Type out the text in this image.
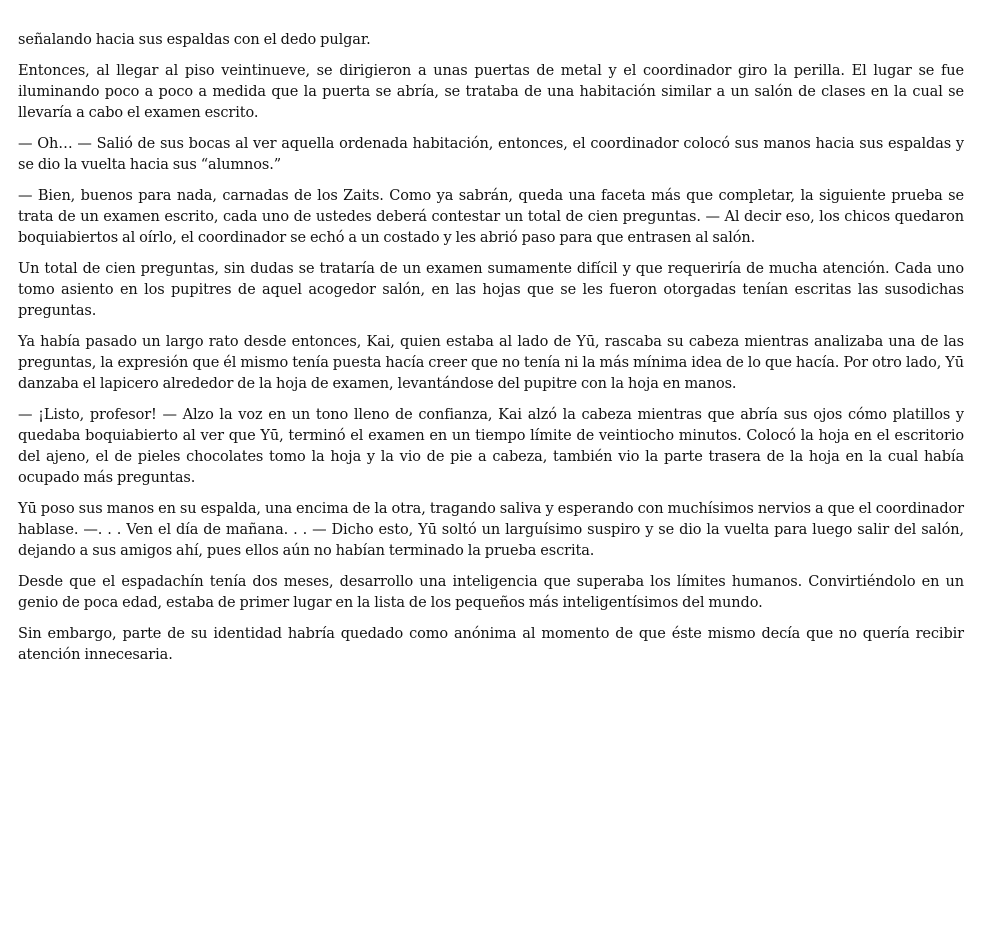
señalando hacia sus espaldas con el dedo pulgar.

Entonces, al llegar al piso veintinueve, se dirigieron a unas puertas de metal y el coordinador giro la perilla. El lugar se fue iluminando poco a poco a medida que la puerta se abría, se trataba de una habitación similar a un salón de clases en la cual se llevaría a cabo el examen escrito.

— Oh… — Salió de sus bocas al ver aquella ordenada habitación, entonces, el coordinador colocó sus manos hacia sus espaldas y se dio la vuelta hacia sus “alumnos.”

— Bien, buenos para nada, carnadas de los Zaits. Como ya sabrán, queda una faceta más que completar, la siguiente prueba se trata de un examen escrito, cada uno de ustedes deberá contestar un total de cien preguntas. — Al decir eso, los chicos quedaron boquiabiertos al oírlo, el coordinador se echó a un costado y les abrió paso para que entrasen al salón.

Un total de cien preguntas, sin dudas se trataría de un examen sumamente difícil y que requeriría de mucha atención. Cada uno tomo asiento en los pupitres de aquel acogedor salón, en las hojas que se les fueron otorgadas tenían escritas las susodichas preguntas.

Ya había pasado un largo rato desde entonces, Kai, quien estaba al lado de Yū, rascaba su cabeza mientras analizaba una de las preguntas, la expresión que él mismo tenía puesta hacía creer que no tenía ni la más mínima idea de lo que hacía. Por otro lado, Yū danzaba el lapicero alrededor de la hoja de examen, levantándose del pupitre con la hoja en manos.

— ¡Listo, profesor! — Alzo la voz en un tono lleno de confianza, Kai alzó la cabeza mientras que abría sus ojos cómo platillos y quedaba boquiabierto al ver que Yū, terminó el examen en un tiempo límite de veintiocho minutos. Colocó la hoja en el escritorio del ajeno, el de pieles chocolates tomo la hoja y la vio de pie a cabeza, también vio la parte trasera de la hoja en la cual había ocupado más preguntas.

Yū poso sus manos en su espalda, una encima de la otra, tragando saliva y esperando con muchísimos nervios a que el coordinador hablase. —. . . Ven el día de mañana. . . — Dicho esto, Yū soltó un larguísimo suspiro y se dio la vuelta para luego salir del salón, dejando a sus amigos ahí, pues ellos aún no habían terminado la prueba escrita.

Desde que el espadachín tenía dos meses, desarrollo una inteligencia que superaba los límites humanos. Convirtiéndolo en un genio de poca edad, estaba de primer lugar en la lista de los pequeños más inteligentísimos del mundo.

Sin embargo, parte de su identidad habría quedado como anónima al momento de que éste mismo decía que no quería recibir atención innecesaria.
